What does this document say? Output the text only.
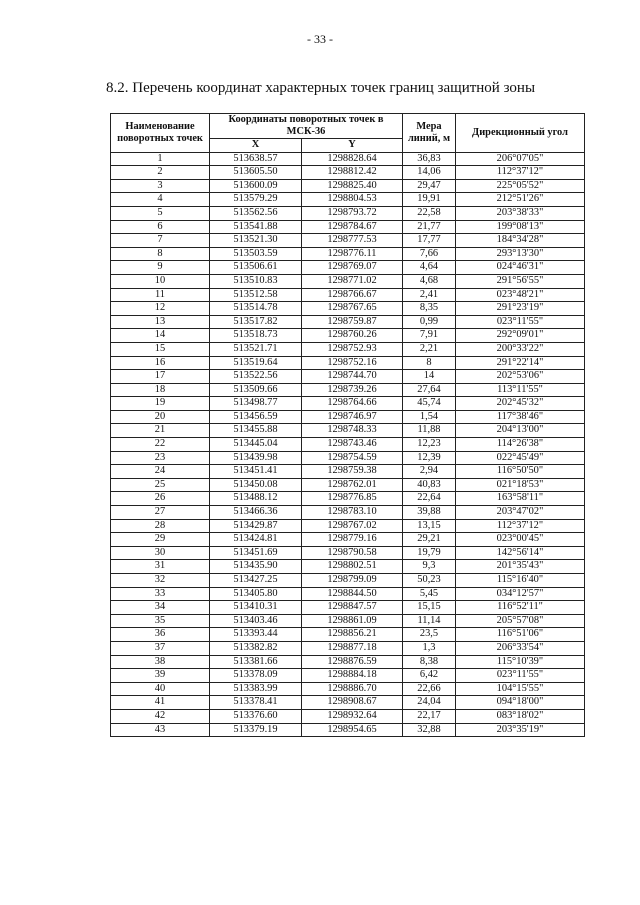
- 33 -
8.2. Перечень координат характерных точек границ защитной зоны
Наименование поворотных точек	Координаты поворотных точек в МСК-36		Мера линий, м	Дирекционный угол
	X	Y		
1	513638.57	1298828.64	36,83	206°07'05"
2	513605.50	1298812.42	14,06	112°37'12"
3	513600.09	1298825.40	29,47	225°05'52"
4	513579.29	1298804.53	19,91	212°51'26"
5	513562.56	1298793.72	22,58	203°38'33"
6	513541.88	1298784.67	21,77	199°08'13"
7	513521.30	1298777.53	17,77	184°34'28"
8	513503.59	1298776.11	7,66	293°13'30"
9	513506.61	1298769.07	4,64	024°46'31"
10	513510.83	1298771.02	4,68	291°56'55"
11	513512.58	1298766.67	2,41	023°48'21"
12	513514.78	1298767.65	8,35	291°23'19"
13	513517.82	1298759.87	0,99	023°11'55"
14	513518.73	1298760.26	7,91	292°09'01"
15	513521.71	1298752.93	2,21	200°33'22"
16	513519.64	1298752.16	8	291°22'14"
17	513522.56	1298744.70	14	202°53'06"
18	513509.66	1298739.26	27,64	113°11'55"
19	513498.77	1298764.66	45,74	202°45'32"
20	513456.59	1298746.97	1,54	117°38'46"
21	513455.88	1298748.33	11,88	204°13'00"
22	513445.04	1298743.46	12,23	114°26'38"
23	513439.98	1298754.59	12,39	022°45'49"
24	513451.41	1298759.38	2,94	116°50'50"
25	513450.08	1298762.01	40,83	021°18'53"
26	513488.12	1298776.85	22,64	163°58'11"
27	513466.36	1298783.10	39,88	203°47'02"
28	513429.87	1298767.02	13,15	112°37'12"
29	513424.81	1298779.16	29,21	023°00'45"
30	513451.69	1298790.58	19,79	142°56'14"
31	513435.90	1298802.51	9,3	201°35'43"
32	513427.25	1298799.09	50,23	115°16'40"
33	513405.80	1298844.50	5,45	034°12'57"
34	513410.31	1298847.57	15,15	116°52'11"
35	513403.46	1298861.09	11,14	205°57'08"
36	513393.44	1298856.21	23,5	116°51'06"
37	513382.82	1298877.18	1,3	206°33'54"
38	513381.66	1298876.59	8,38	115°10'39"
39	513378.09	1298884.18	6,42	023°11'55"
40	513383.99	1298886.70	22,66	104°15'55"
41	513378.41	1298908.67	24,04	094°18'00"
42	513376.60	1298932.64	22,17	083°18'02"
43	513379.19	1298954.65	32,88	203°35'19"
